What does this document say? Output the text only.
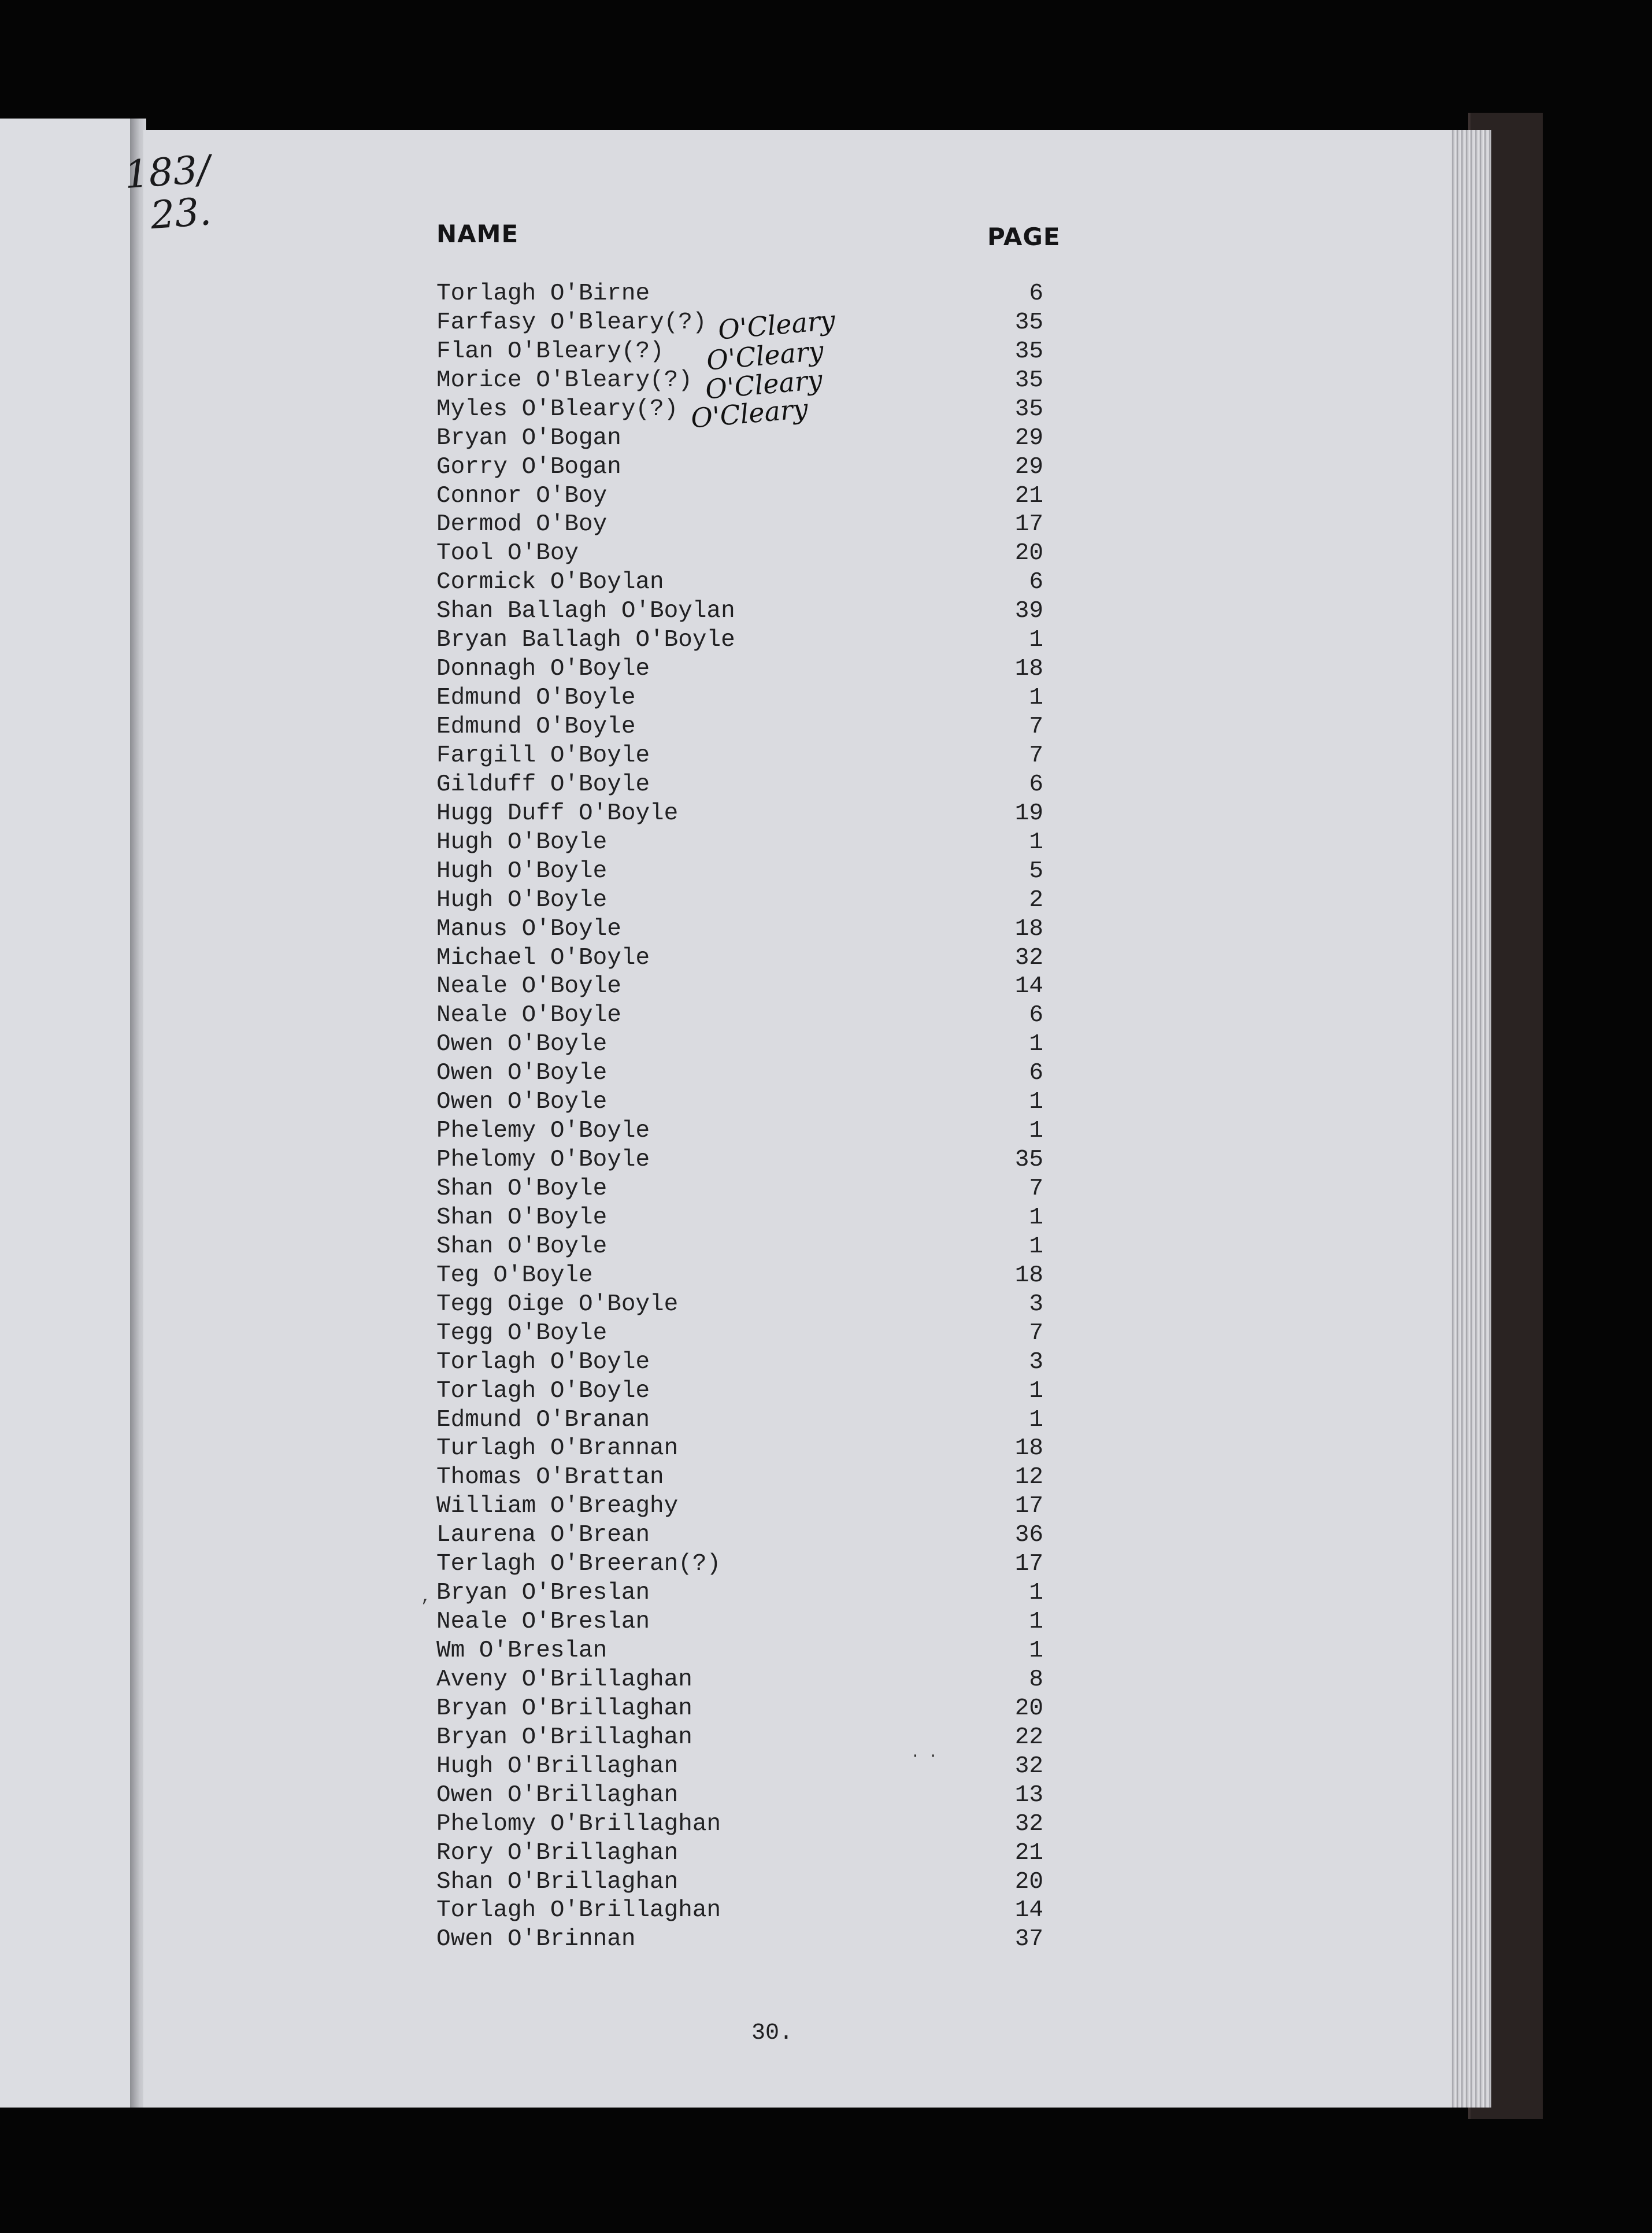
183/
23.	NAME	PAGE
Torlagh O'Birne	6
Farfasy O'Bleary(?)	35
Flan O'Bleary(?)	35
Morice O'Bleary(?)	35
Myles O'Bleary(?)	35
Bryan O'Bogan	29
Gorry O'Bogan	29
Connor O'Boy	21
Dermod O'Boy	17
Tool O'Boy	20
Cormick O'Boylan	6
Shan Ballagh O'Boylan	39
Bryan Ballagh O'Boyle	1
Donnagh O'Boyle	18
Edmund O'Boyle	1
Edmund O'Boyle	7
Fargill O'Boyle	7
Gilduff O'Boyle	6
Hugg Duff O'Boyle	19
Hugh O'Boyle	1
Hugh O'Boyle	5
Hugh O'Boyle	2
Manus O'Boyle	18
Michael O'Boyle	32
Neale O'Boyle	14
Neale O'Boyle	6
Owen O'Boyle	1
Owen O'Boyle	6
Owen O'Boyle	1
Phelemy O'Boyle	1
Phelomy O'Boyle	35
Shan O'Boyle	7
Shan O'Boyle	1
Shan O'Boyle	1
Teg O'Boyle	18
Tegg Oige O'Boyle	3
Tegg O'Boyle	7
Torlagh O'Boyle	3
Torlagh O'Boyle	1
Edmund O'Branan	1
Turlagh O'Brannan	18
Thomas O'Brattan	12
William O'Breaghy	17
Laurena O'Brean	36
Terlagh O'Breeran(?)	17
Bryan O'Breslan	1
Neale O'Breslan	1
Wm O'Breslan	1
Aveny O'Brillaghan	8
Bryan O'Brillaghan	20
Bryan O'Brillaghan	22
Hugh O'Brillaghan	32
Owen O'Brillaghan	13
Phelomy O'Brillaghan	32
Rory O'Brillaghan	21
Shan O'Brillaghan	20
Torlagh O'Brillaghan	14
Owen O'Brinnan	37
O'Cleary
O'Cleary
O'Cleary
O'Cleary
,
··
30.
